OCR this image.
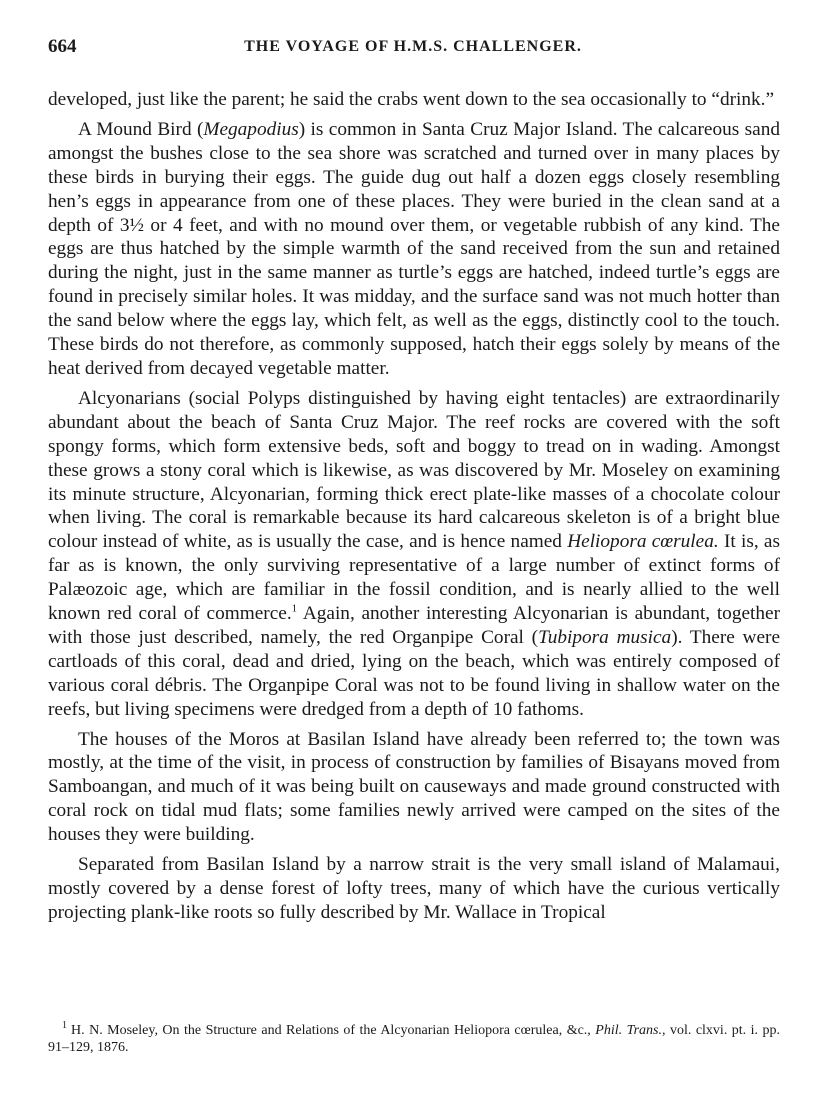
664	THE VOYAGE OF H.M.S. CHALLENGER.

developed, just like the parent; he said the crabs went down to the sea occasionally to “drink.”

A Mound Bird (Megapodius) is common in Santa Cruz Major Island. The calcareous sand amongst the bushes close to the sea shore was scratched and turned over in many places by these birds in burying their eggs. The guide dug out half a dozen eggs closely resembling hen’s eggs in appearance from one of these places. They were buried in the clean sand at a depth of 3½ or 4 feet, and with no mound over them, or vegetable rubbish of any kind. The eggs are thus hatched by the simple warmth of the sand received from the sun and retained during the night, just in the same manner as turtle’s eggs are hatched, indeed turtle’s eggs are found in precisely similar holes. It was midday, and the surface sand was not much hotter than the sand below where the eggs lay, which felt, as well as the eggs, distinctly cool to the touch. These birds do not therefore, as commonly supposed, hatch their eggs solely by means of the heat derived from decayed vegetable matter.

Alcyonarians (social Polyps distinguished by having eight tentacles) are extraordinarily abundant about the beach of Santa Cruz Major. The reef rocks are covered with the soft spongy forms, which form extensive beds, soft and boggy to tread on in wading. Amongst these grows a stony coral which is likewise, as was discovered by Mr. Moseley on examining its minute structure, Alcyonarian, forming thick erect plate-like masses of a chocolate colour when living. The coral is remarkable because its hard calcareous skeleton is of a bright blue colour instead of white, as is usually the case, and is hence named Heliopora cœrulea. It is, as far as is known, the only surviving representative of a large number of extinct forms of Palæozoic age, which are familiar in the fossil condition, and is nearly allied to the well known red coral of commerce.$^1$ Again, another interesting Alcyonarian is abundant, together with those just described, namely, the red Organpipe Coral (Tubipora musica). There were cartloads of this coral, dead and dried, lying on the beach, which was entirely composed of various coral débris. The Organpipe Coral was not to be found living in shallow water on the reefs, but living specimens were dredged from a depth of 10 fathoms.

The houses of the Moros at Basilan Island have already been referred to; the town was mostly, at the time of the visit, in process of construction by families of Bisayans moved from Samboangan, and much of it was being built on causeways and made ground constructed with coral rock on tidal mud flats; some families newly arrived were camped on the sites of the houses they were building.

Separated from Basilan Island by a narrow strait is the very small island of Malamaui, mostly covered by a dense forest of lofty trees, many of which have the curious vertically projecting plank-like roots so fully described by Mr. Wallace in Tropical

$^1$ H. N. Moseley, On the Structure and Relations of the Alcyonarian Heliopora cœrulea, &c., Phil. Trans., vol. clxvi. pt. i. pp. 91–129, 1876.
